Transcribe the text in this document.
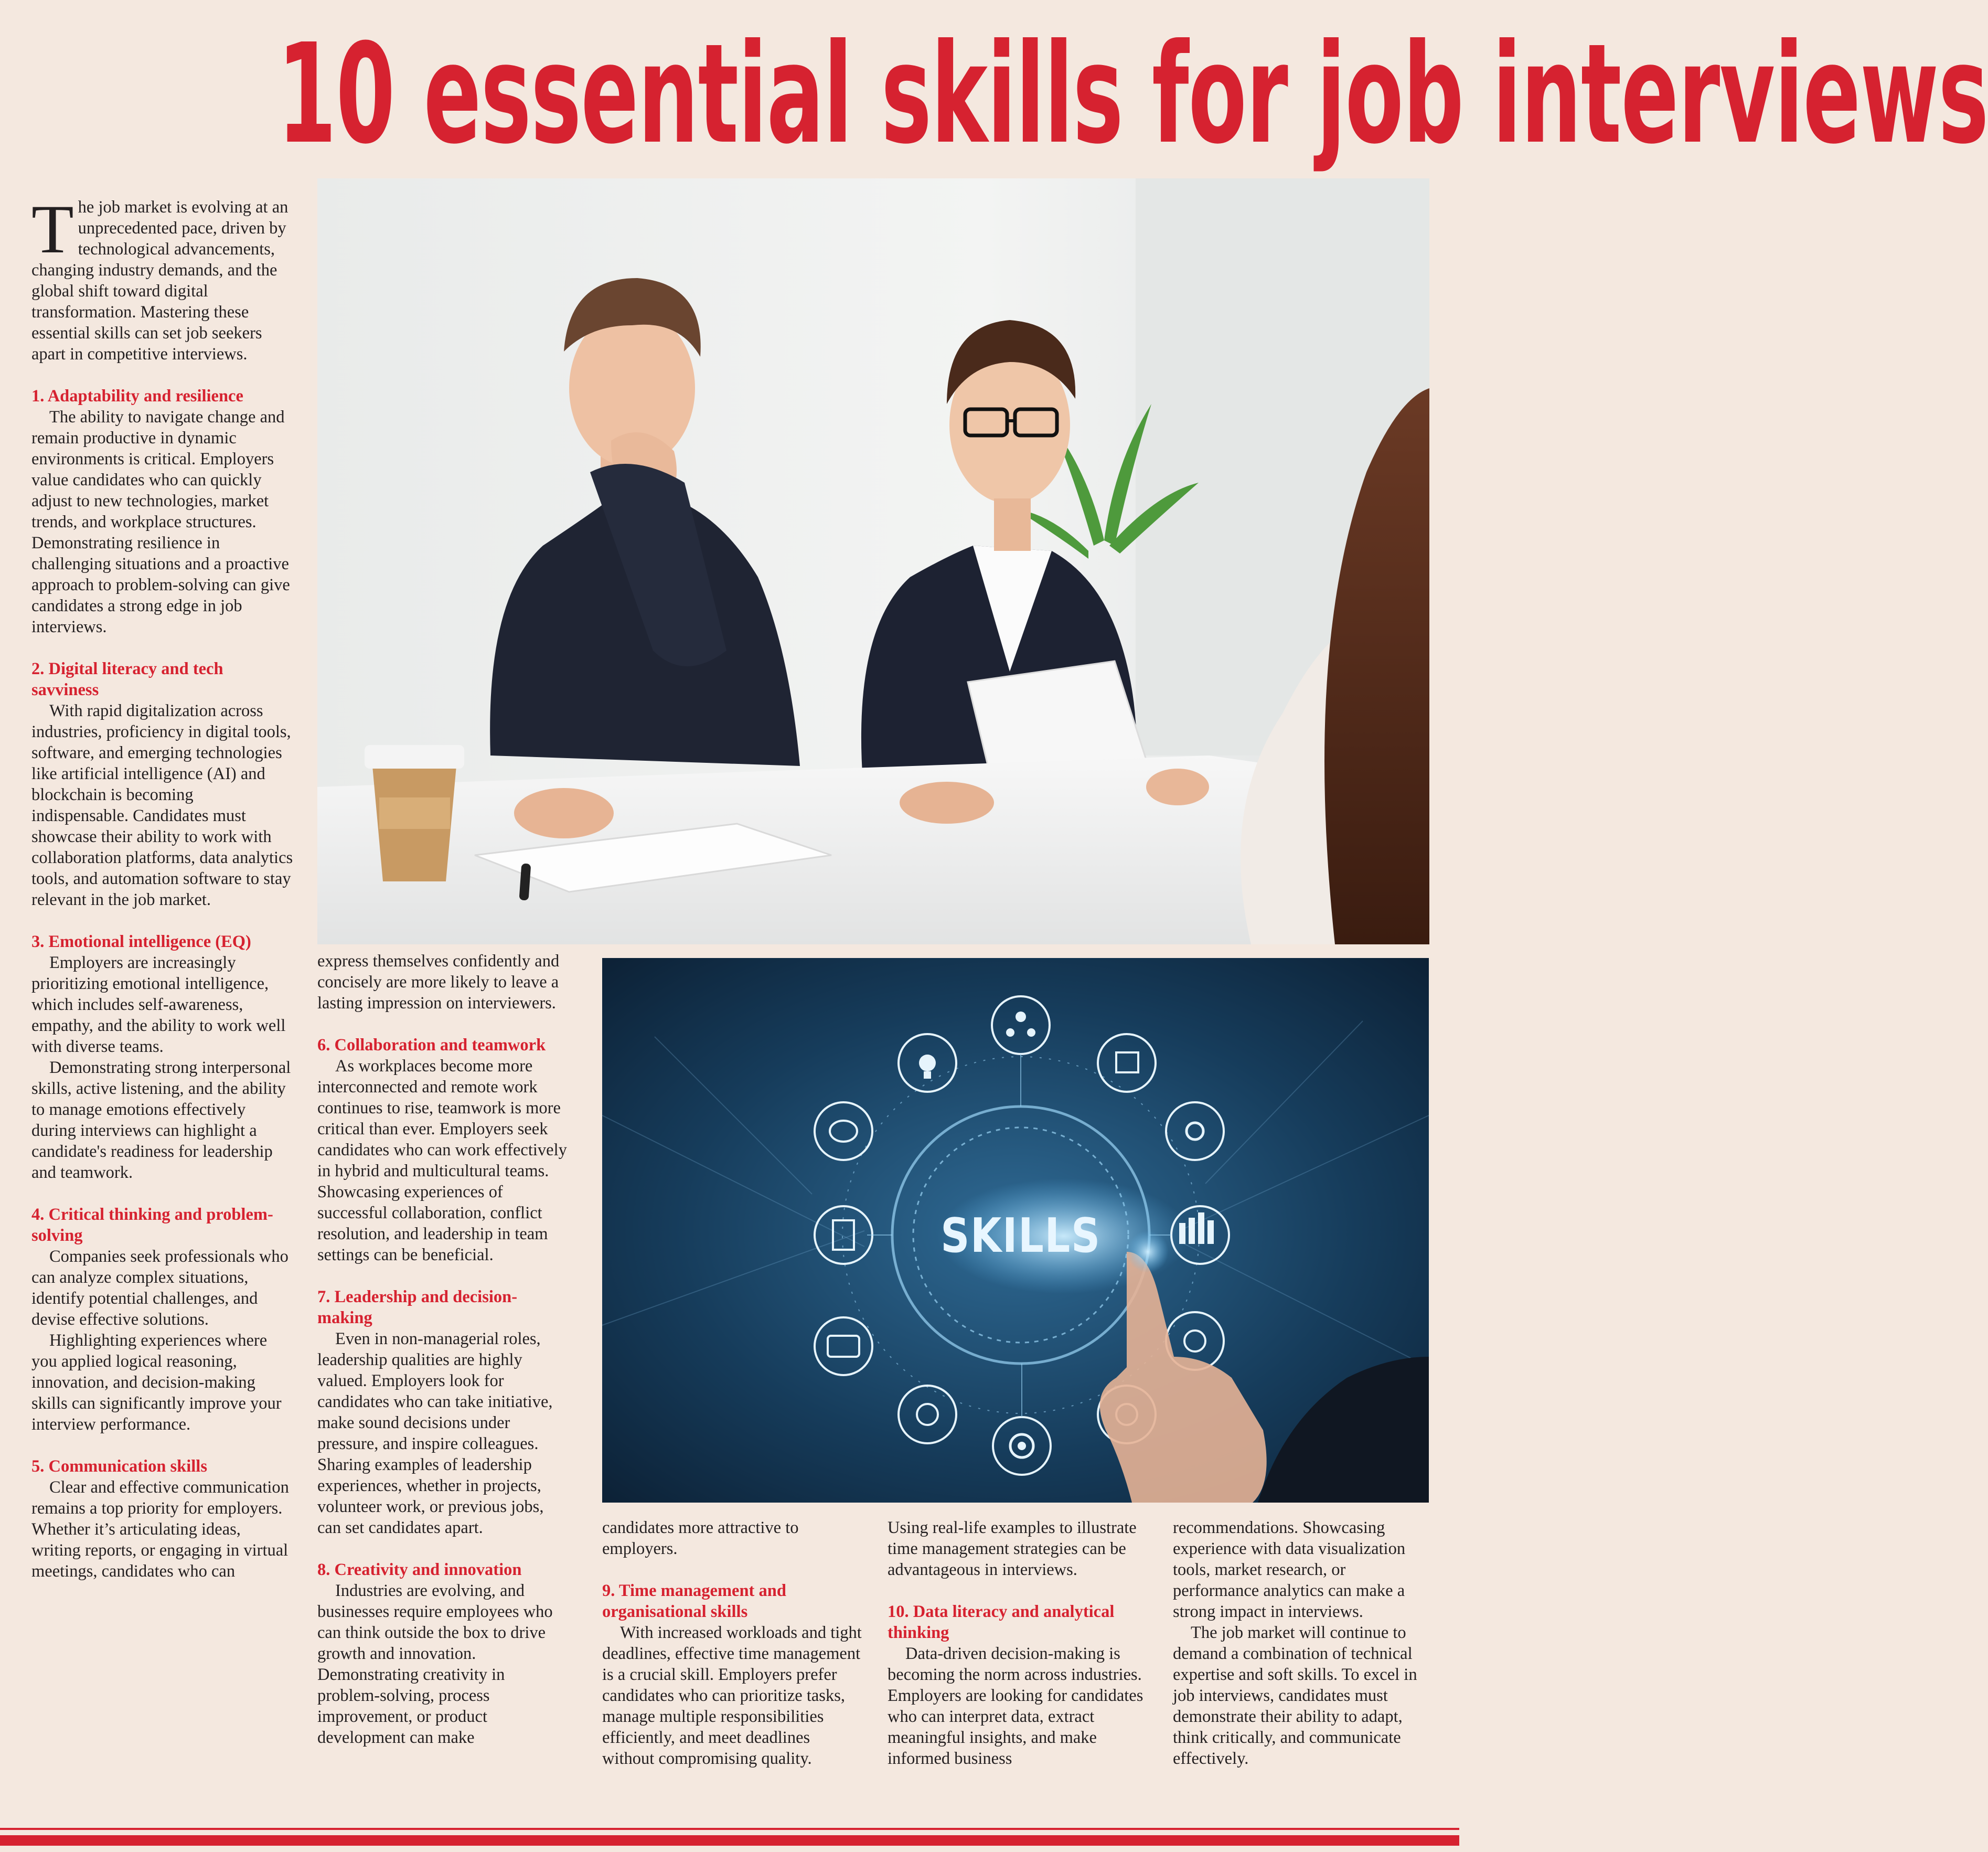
10 essential skills for job interviews

The job market is evolving at an unprecedented pace, driven by technological advancements, changing industry demands, and the global shift toward digital transformation. Mastering these essential skills can set job seekers apart in competitive interviews.

1. Adaptability and resilience

The ability to navigate change and remain productive in dynamic environments is critical. Employers value candidates who can quickly adjust to new technologies, market trends, and workplace structures. Demonstrating resilience in challenging situations and a proactive approach to problem-solving can give candidates a strong edge in job interviews.

2. Digital literacy and tech savviness

With rapid digitalization across industries, proficiency in digital tools, software, and emerging technologies like artificial intelligence (AI) and blockchain is becoming indispensable. Candidates must showcase their ability to work with collaboration platforms, data analytics tools, and automation software to stay relevant in the job market.

3. Emotional intelligence (EQ)

Employers are increasingly prioritizing emotional intelligence, which includes self-awareness, empathy, and the ability to work well with diverse teams.

Demonstrating strong interpersonal skills, active listening, and the ability to manage emotions effectively during interviews can highlight a candidate's readiness for leadership and teamwork.

4. Critical thinking and problem-solving

Companies seek professionals who can analyze complex situations, identify potential challenges, and devise effective solutions.

Highlighting experiences where you applied logical reasoning, innovation, and decision-making skills can significantly improve your interview performance.

5. Communication skills

Clear and effective communication remains a top priority for employers. Whether it’s articulating ideas, writing reports, or engaging in virtual meetings, candidates who can

express themselves confidently and concisely are more likely to leave a lasting impression on interviewers.

6. Collaboration and teamwork

As workplaces become more interconnected and remote work continues to rise, teamwork is more critical than ever. Employers seek candidates who can work effectively in hybrid and multicultural teams. Showcasing experiences of successful collaboration, conflict resolution, and leadership in team settings can be beneficial.

7. Leadership and decision-making

Even in non-managerial roles, leadership qualities are highly valued. Employers look for candidates who can take initiative, make sound decisions under pressure, and inspire colleagues. Sharing examples of leadership experiences, whether in projects, volunteer work, or previous jobs, can set candidates apart.

8. Creativity and innovation

Industries are evolving, and businesses require employees who can think outside the box to drive growth and innovation. Demonstrating creativity in problem-solving, process improvement, or product development can make

SKILLS

candidates more attractive to employers.

9. Time management and organisational skills

With increased workloads and tight deadlines, effective time management is a crucial skill. Employers prefer candidates who can prioritize tasks, manage multiple responsibilities efficiently, and meet deadlines without compromising quality.

Using real-life examples to illustrate time management strategies can be advantageous in interviews.

10. Data literacy and analytical thinking

Data-driven decision-making is becoming the norm across industries. Employers are looking for candidates who can interpret data, extract meaningful insights, and make informed business

recommendations. Showcasing experience with data visualization tools, market research, or performance analytics can make a strong impact in interviews.

The job market will continue to demand a combination of technical expertise and soft skills. To excel in job interviews, candidates must demonstrate their ability to adapt, think critically, and communicate effectively.
